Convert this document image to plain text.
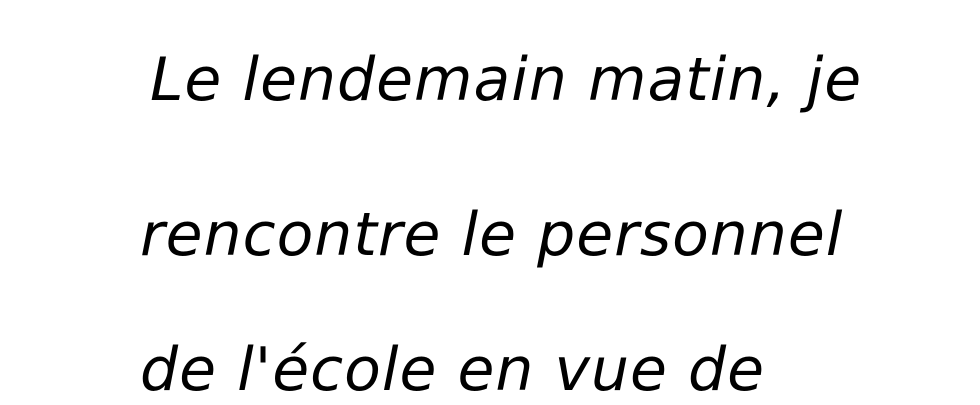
Le lendemain matin, je

rencontre le personnel

de l'école en vue de
